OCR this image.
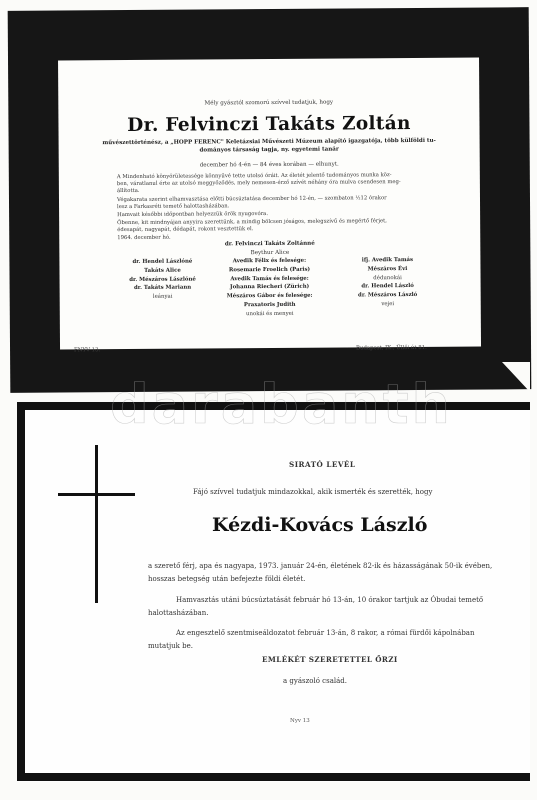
Mély gyásztól szomorú szívvel tudatjuk, hogy
Dr. Felvinczi Takáts Zoltán
művészettörténész, a „HOPP FERENC" Keletázsiai Művészeti Múzeum alapító igazgatója, több külföldi tu-
dományos társaság tagja, ny. egyetemi tanár
december hó 4-én — 84 éves korában — elhunyt.
A Mindenható könyörületessége könnyűvé tette utolsó óráit. Az életét jelentő tudományos munka köz-
ben, váratlanul érte az utolsó meggyőződés, mely nemesen-érző szívét néhány óra mulva csendesen meg-
állította.
Végakarata szerint elhamvasztása előtti búcsúztatása december hó 12-én, — szombaton ½12 órakor
lesz a Farkasréti temető halottasházában.
Hamvait későbbi időpontban helyezzük örök nyugovóra.
Őbenne, kit mindnyájan anyyira szerettünk, a mindig bölcsen jóságos, melegszívű és megértő férjet,
édesapát, nagyapát, dédapát, rokont vesztettük el.
1964. december hó.
dr. Felvinczi Takáts Zoltánné
Beythur Alice
dr. Hendel Lászlóné
Takáts Alice
dr. Mészáros Lászlóné
dr. Takáts Mariann
leányai
Avedik Félix és felesége:
Rosemarie Froelich (Paris)
Avedik Tamás és felesége:
Johanna Riecheri (Zürich)
Mészáros Gábor és felesége:
Praxatoris Judith
unokái és menyei
ifj. Avedik Tamás
Mészáros Évi
dédunokái
dr. Hendel László
dr. Mészáros László
vejei
FNYV 13.	Budapest, IX., Üllői út 81.
SIRATÓ LEVÉL
Fájó szívvel tudatjuk mindazokkal, akik ismerték és szerették, hogy
Kézdi-Kovács László
a szerető férj, apa és nagyapa, 1973. január 24-én, életének 82-ik és házasságának 50-ik évében,
hosszas betegség után befejezte földi életét.
Hamvasztás utáni búcsúztatását február hó 13-án, 10 órakor tartjuk az Óbudai temető
halottasházában.
Az engesztelő szentmiseáldozatot február 13-án, 8 rakor, a római fürdői kápolnában
mutatjuk be.
EMLÉKÉT SZERETETTEL ŐRZI
a gyászoló család.
Nyv 13
darabanth
